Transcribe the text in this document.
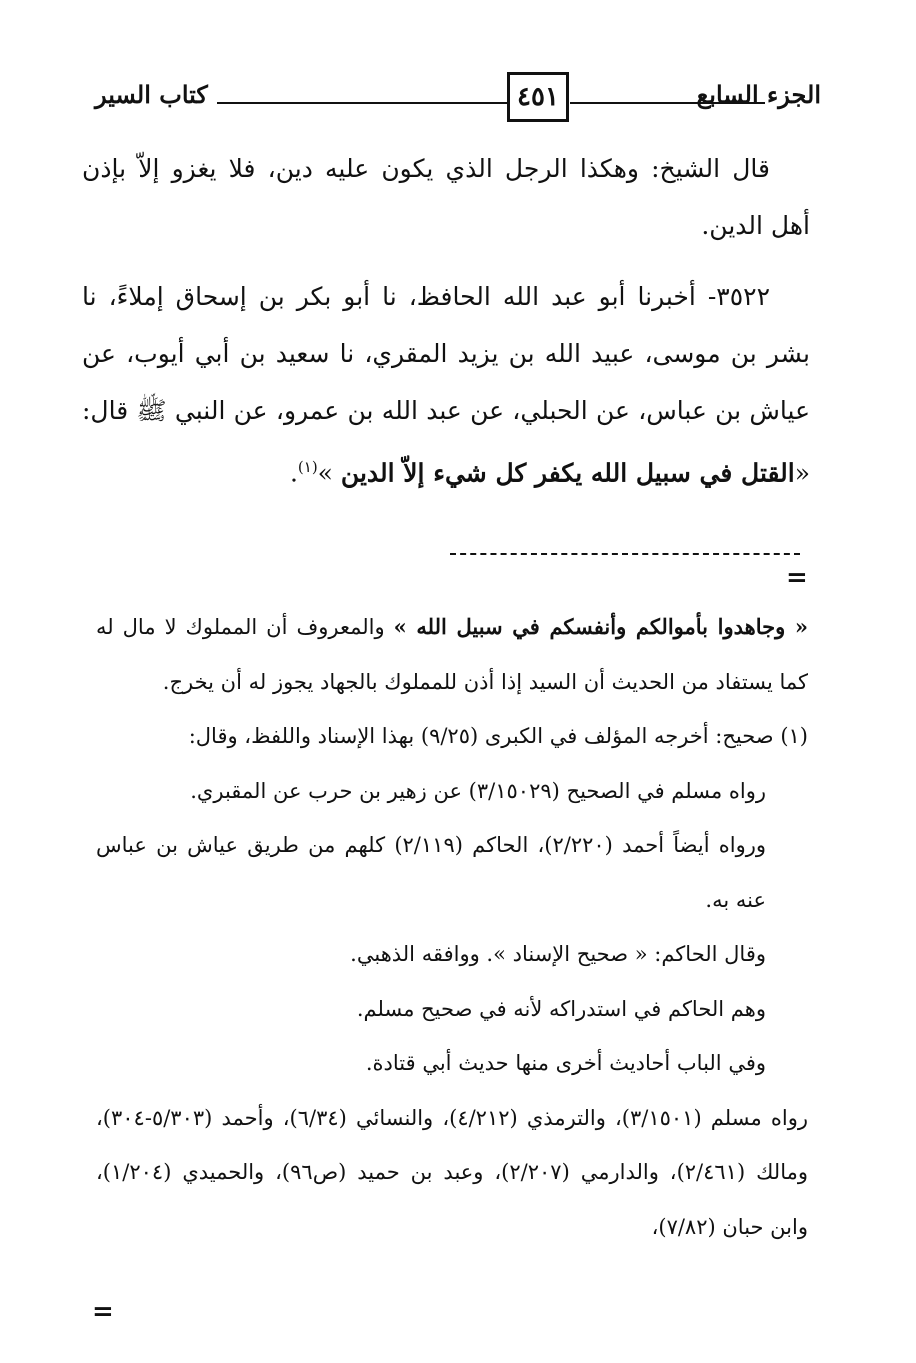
كتاب السير	٤٥١	الجزء السابع

قال الشيخ: وهكذا الرجل الذي يكون عليه دين، فلا يغزو إلاّ بإذن أهل الدين.

٣٥٢٢- أخبرنا أبو عبد الله الحافظ، نا أبو بكر بن إسحاق إملاءً، نا بشر بن موسى، عبيد الله بن يزيد المقري، نا سعيد بن أبي أيوب، عن عياش بن عباس، عن الحبلي، عن عبد الله بن عمرو، عن النبي ﷺ قال: «القتل في سبيل الله يكفر كل شيء إلاّ الدين »$^{(١)}$.

=

« وجاهدوا بأموالكم وأنفسكم في سبيل الله » والمعروف أن المملوك لا مال له كما يستفاد من الحديث أن السيد إذا أذن للمملوك بالجهاد يجوز له أن يخرج.

(١) صحيح: أخرجه المؤلف في الكبرى (٩/٢٥) بهذا الإسناد واللفظ، وقال:

رواه مسلم في الصحيح (٣/١٥٠٢٩) عن زهير بن حرب عن المقبري.

ورواه أيضاً أحمد (٢/٢٢٠)، الحاكم (٢/١١٩) كلهم من طريق عياش بن عباس عنه به.

وقال الحاكم: « صحيح الإسناد ». ووافقه الذهبي.

وهم الحاكم في استدراكه لأنه في صحيح مسلم.

وفي الباب أحاديث أخرى منها حديث أبي قتادة.

رواه مسلم (٣/١٥٠١)، والترمذي (٤/٢١٢)، والنسائي (٦/٣٤)، وأحمد (٥/٣٠٣-٣٠٤)، ومالك (٢/٤٦١)، والدارمي (٢/٢٠٧)، وعبد بن حميد (ص٩٦)، والحميدي (١/٢٠٤)، وابن حبان (٧/٨٢)،

=
